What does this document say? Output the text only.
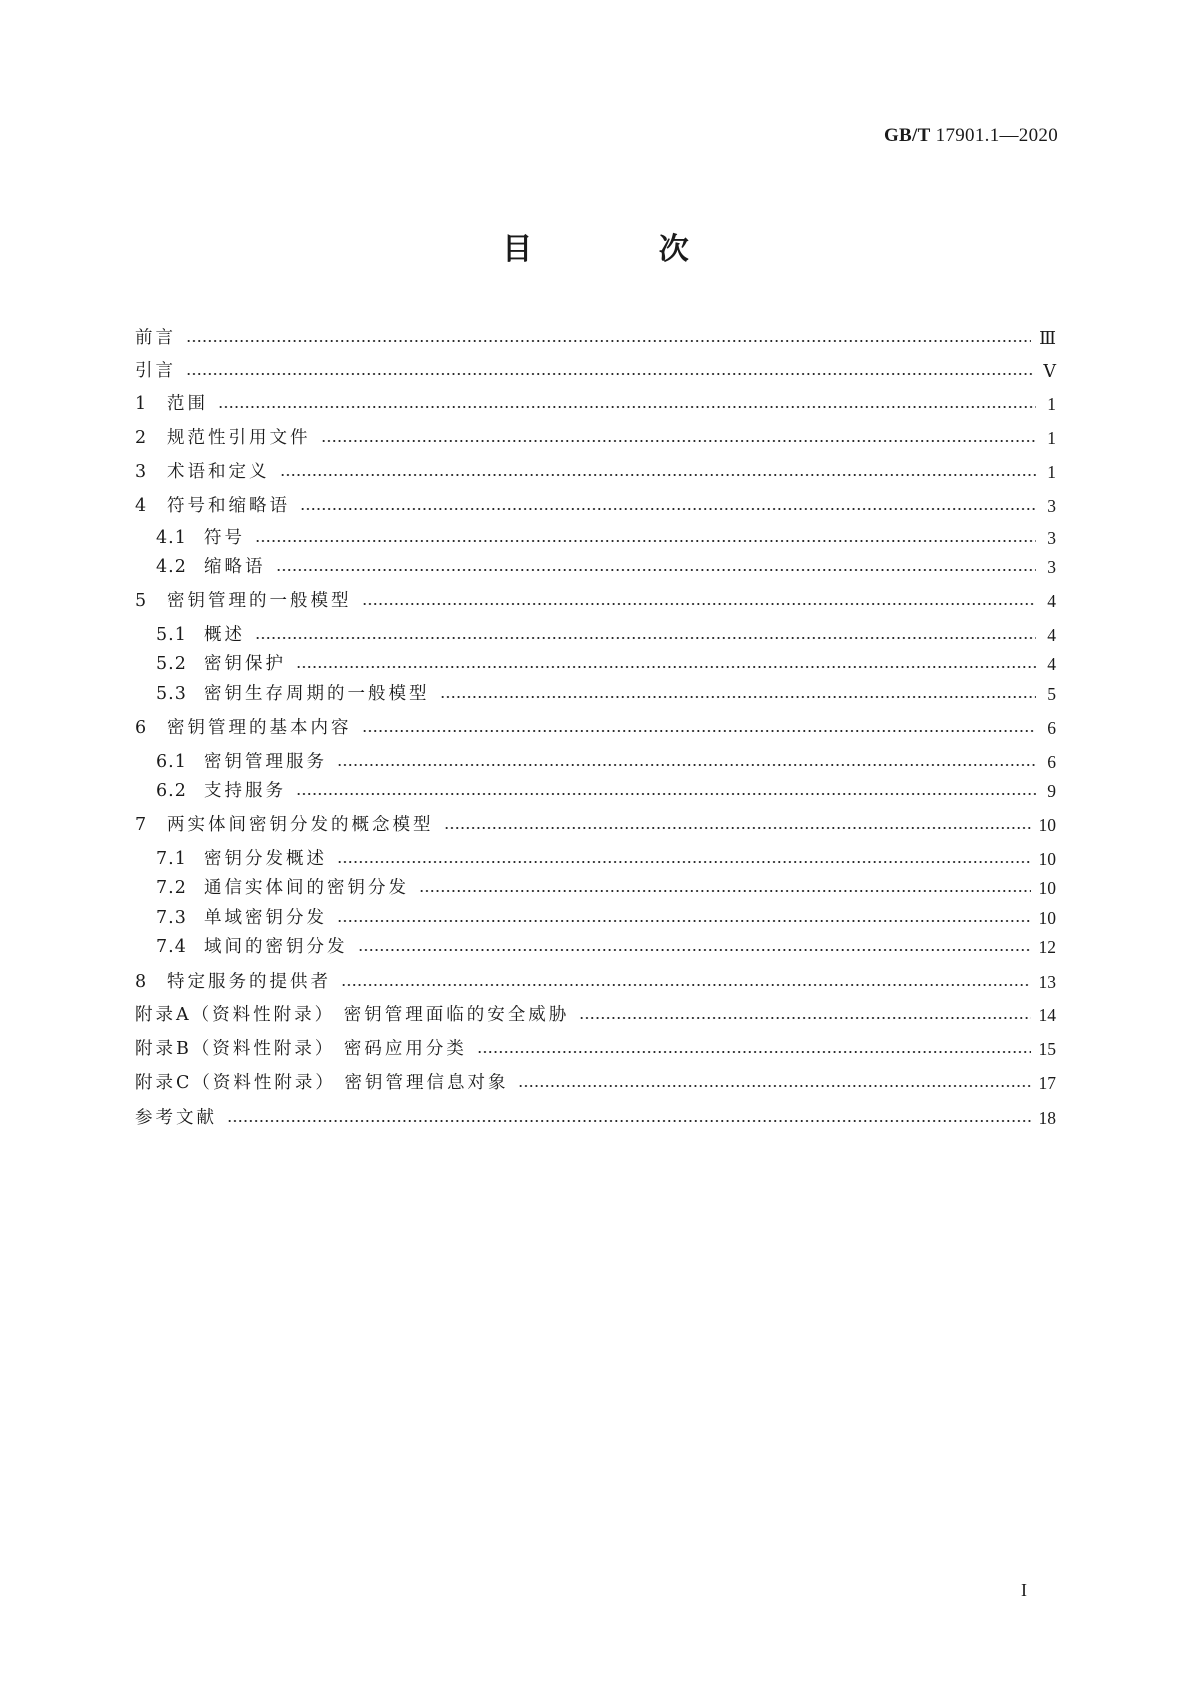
GB/T 17901.1—2020
目 次
前言	Ⅲ
引言	Ⅴ
1	范围	1
2	规范性引用文件	1
3	术语和定义	1
4	符号和缩略语	3
4.1 符号	3
4.2 缩略语	3
5	密钥管理的一般模型	4
5.1 概述	4
5.2 密钥保护	4
5.3 密钥生存周期的一般模型	5
6	密钥管理的基本内容	6
6.1 密钥管理服务	6
6.2 支持服务	9
7	两实体间密钥分发的概念模型	10
7.1 密钥分发概述	10
7.2 通信实体间的密钥分发	10
7.3 单域密钥分发	10
7.4 域间的密钥分发	12
8	特定服务的提供者	13
附录A（资料性附录） 密钥管理面临的安全威胁	14
附录B（资料性附录） 密码应用分类	15
附录C（资料性附录） 密钥管理信息对象	17
参考文献	18
I
